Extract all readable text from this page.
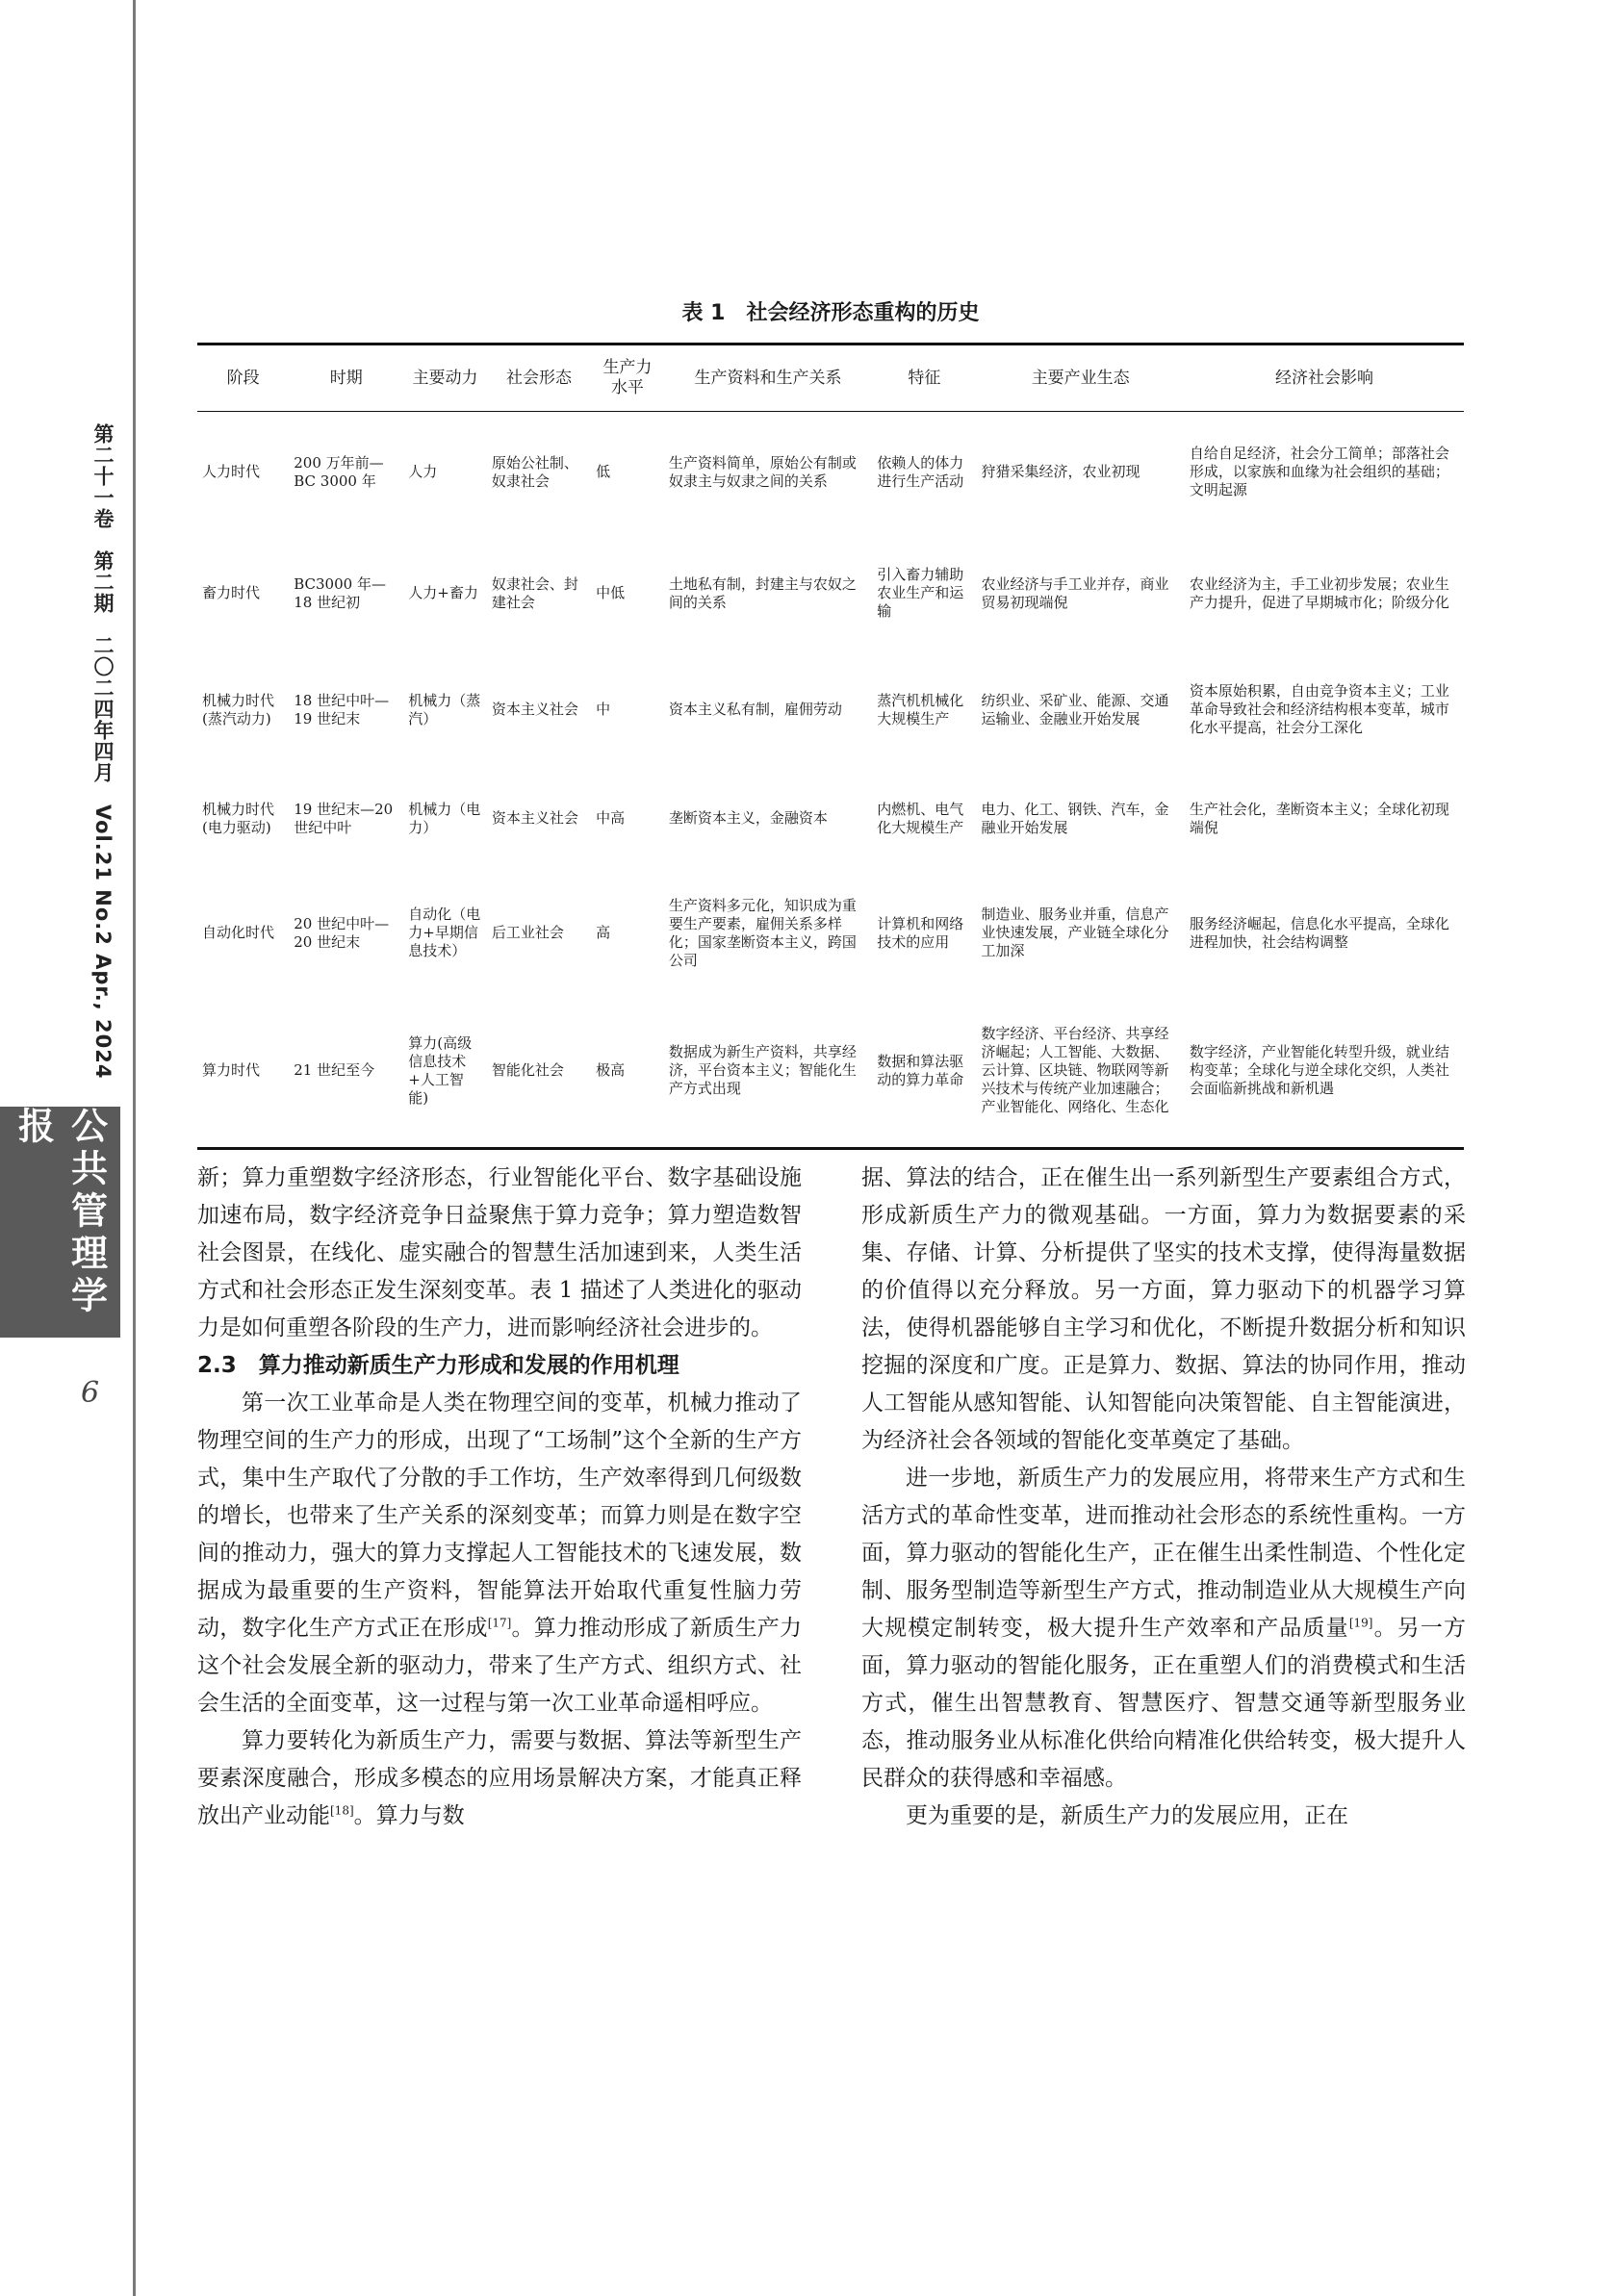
第二十一卷　第二期　二〇二四年四月　Vol.21 No.2 Apr., 2024
公共管理学报
6
表 1　社会经济形态重构的历史
阶段	时期	主要动力	社会形态	生产力水平	生产资料和生产关系	特征	主要产业生态	经济社会影响
人力时代	200 万年前—BC 3000 年	人力	原始公社制、奴隶社会	低	生产资料简单，原始公有制或奴隶主与奴隶之间的关系	依赖人的体力进行生产活动	狩猎采集经济，农业初现	自给自足经济，社会分工简单；部落社会形成，以家族和血缘为社会组织的基础；文明起源
畜力时代	BC3000 年—18 世纪初	人力+畜力	奴隶社会、封建社会	中低	土地私有制，封建主与农奴之间的关系	引入畜力辅助农业生产和运输	农业经济与手工业并存，商业贸易初现端倪	农业经济为主，手工业初步发展；农业生产力提升，促进了早期城市化；阶级分化
机械力时代(蒸汽动力)	18 世纪中叶—19 世纪末	机械力（蒸汽）	资本主义社会	中	资本主义私有制，雇佣劳动	蒸汽机机械化大规模生产	纺织业、采矿业、能源、交通运输业、金融业开始发展	资本原始积累，自由竞争资本主义；工业革命导致社会和经济结构根本变革，城市化水平提高，社会分工深化
机械力时代(电力驱动)	19 世纪末—20 世纪中叶	机械力（电力）	资本主义社会	中高	垄断资本主义，金融资本	内燃机、电气化大规模生产	电力、化工、钢铁、汽车，金融业开始发展	生产社会化，垄断资本主义；全球化初现端倪
自动化时代	20 世纪中叶—20 世纪末	自动化（电力+早期信息技术）	后工业社会	高	生产资料多元化，知识成为重要生产要素，雇佣关系多样化；国家垄断资本主义，跨国公司	计算机和网络技术的应用	制造业、服务业并重，信息产业快速发展，产业链全球化分工加深	服务经济崛起，信息化水平提高，全球化进程加快，社会结构调整
算力时代	21 世纪至今	算力(高级信息技术+人工智能)	智能化社会	极高	数据成为新生产资料，共享经济，平台资本主义；智能化生产方式出现	数据和算法驱动的算力革命	数字经济、平台经济、共享经济崛起；人工智能、大数据、云计算、区块链、物联网等新兴技术与传统产业加速融合；产业智能化、网络化、生态化	数字经济，产业智能化转型升级，就业结构变革；全球化与逆全球化交织，人类社会面临新挑战和新机遇

新；算力重塑数字经济形态，行业智能化平台、数字基础设施加速布局，数字经济竞争日益聚焦于算力竞争；算力塑造数智社会图景，在线化、虚实融合的智慧生活加速到来，人类生活方式和社会形态正发生深刻变革。表 1 描述了人类进化的驱动力是如何重塑各阶段的生产力，进而影响经济社会进步的。

2.3　算力推动新质生产力形成和发展的作用机理

第一次工业革命是人类在物理空间的变革，机械力推动了物理空间的生产力的形成，出现了“工场制”这个全新的生产方式，集中生产取代了分散的手工作坊，生产效率得到几何级数的增长，也带来了生产关系的深刻变革；而算力则是在数字空间的推动力，强大的算力支撑起人工智能技术的飞速发展，数据成为最重要的生产资料，智能算法开始取代重复性脑力劳动，数字化生产方式正在形成[17]。算力推动形成了新质生产力这个社会发展全新的驱动力，带来了生产方式、组织方式、社会生活的全面变革，这一过程与第一次工业革命遥相呼应。

算力要转化为新质生产力，需要与数据、算法等新型生产要素深度融合，形成多模态的应用场景解决方案，才能真正释放出产业动能[18]。算力与数

据、算法的结合，正在催生出一系列新型生产要素组合方式，形成新质生产力的微观基础。一方面，算力为数据要素的采集、存储、计算、分析提供了坚实的技术支撑，使得海量数据的价值得以充分释放。另一方面，算力驱动下的机器学习算法，使得机器能够自主学习和优化，不断提升数据分析和知识挖掘的深度和广度。正是算力、数据、算法的协同作用，推动人工智能从感知智能、认知智能向决策智能、自主智能演进，为经济社会各领域的智能化变革奠定了基础。

进一步地，新质生产力的发展应用，将带来生产方式和生活方式的革命性变革，进而推动社会形态的系统性重构。一方面，算力驱动的智能化生产，正在催生出柔性制造、个性化定制、服务型制造等新型生产方式，推动制造业从大规模生产向大规模定制转变，极大提升生产效率和产品质量[19]。另一方面，算力驱动的智能化服务，正在重塑人们的消费模式和生活方式，催生出智慧教育、智慧医疗、智慧交通等新型服务业态，推动服务业从标准化供给向精准化供给转变，极大提升人民群众的获得感和幸福感。

更为重要的是，新质生产力的发展应用，正在
